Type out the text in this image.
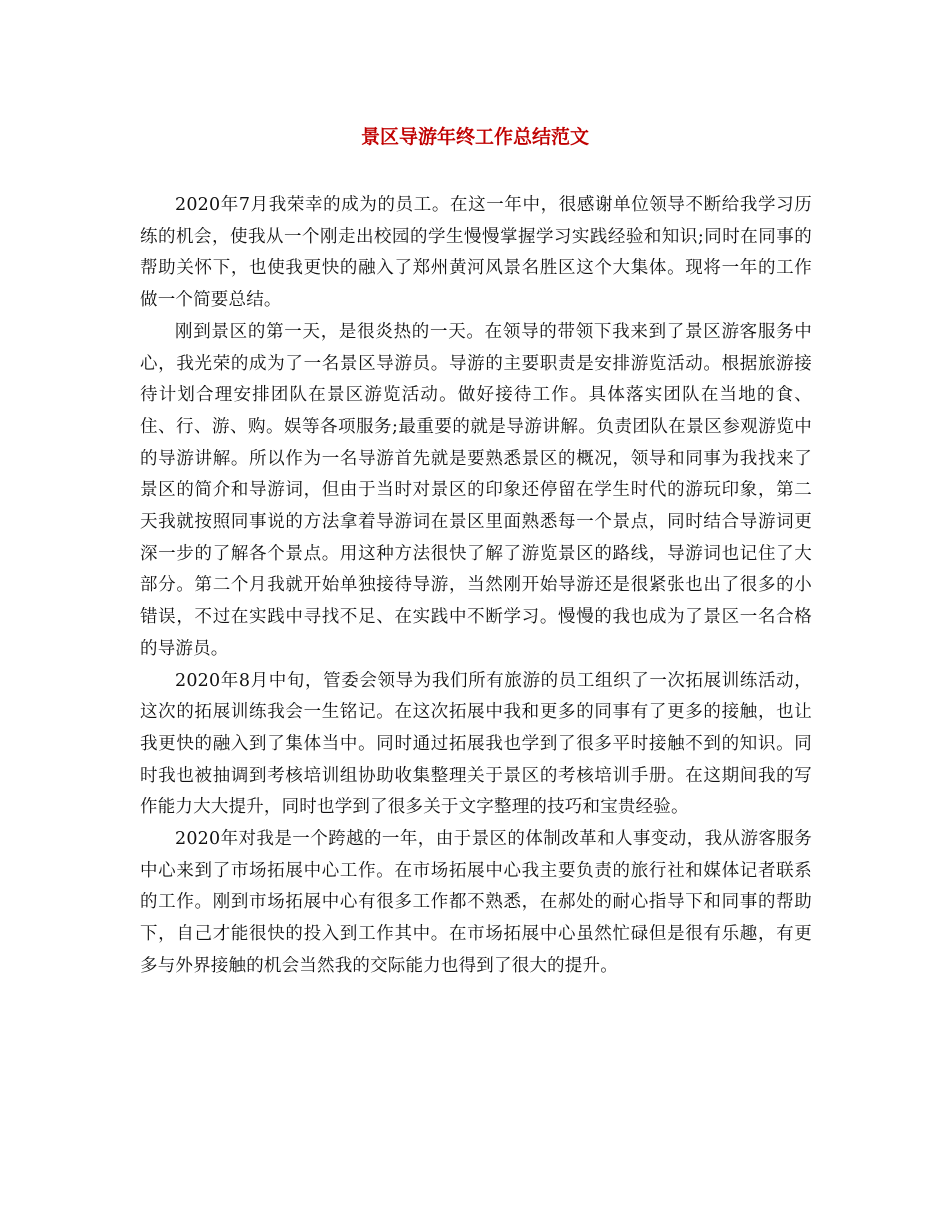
景区导游年终工作总结范文

2020年7月我荣幸的成为的员工。在这一年中，很感谢单位领导不断给我学习历练的机会，使我从一个刚走出校园的学生慢慢掌握学习实践经验和知识;同时在同事的帮助关怀下，也使我更快的融入了郑州黄河风景名胜区这个大集体。现将一年的工作做一个简要总结。

刚到景区的第一天，是很炎热的一天。在领导的带领下我来到了景区游客服务中心，我光荣的成为了一名景区导游员。导游的主要职责是安排游览活动。根据旅游接待计划合理安排团队在景区游览活动。做好接待工作。具体落实团队在当地的食、住、行、游、购。娱等各项服务;最重要的就是导游讲解。负责团队在景区参观游览中的导游讲解。所以作为一名导游首先就是要熟悉景区的概况，领导和同事为我找来了景区的简介和导游词，但由于当时对景区的印象还停留在学生时代的游玩印象，第二天我就按照同事说的方法拿着导游词在景区里面熟悉每一个景点，同时结合导游词更深一步的了解各个景点。用这种方法很快了解了游览景区的路线，导游词也记住了大部分。第二个月我就开始单独接待导游，当然刚开始导游还是很紧张也出了很多的小错误，不过在实践中寻找不足、在实践中不断学习。慢慢的我也成为了景区一名合格的导游员。

2020年8月中旬，管委会领导为我们所有旅游的员工组织了一次拓展训练活动，这次的拓展训练我会一生铭记。在这次拓展中我和更多的同事有了更多的接触，也让我更快的融入到了集体当中。同时通过拓展我也学到了很多平时接触不到的知识。同时我也被抽调到考核培训组协助收集整理关于景区的考核培训手册。在这期间我的写作能力大大提升，同时也学到了很多关于文字整理的技巧和宝贵经验。

2020年对我是一个跨越的一年，由于景区的体制改革和人事变动，我从游客服务中心来到了市场拓展中心工作。在市场拓展中心我主要负责的旅行社和媒体记者联系的工作。刚到市场拓展中心有很多工作都不熟悉，在郝处的耐心指导下和同事的帮助下，自己才能很快的投入到工作其中。在市场拓展中心虽然忙碌但是很有乐趣，有更多与外界接触的机会当然我的交际能力也得到了很大的提升。
